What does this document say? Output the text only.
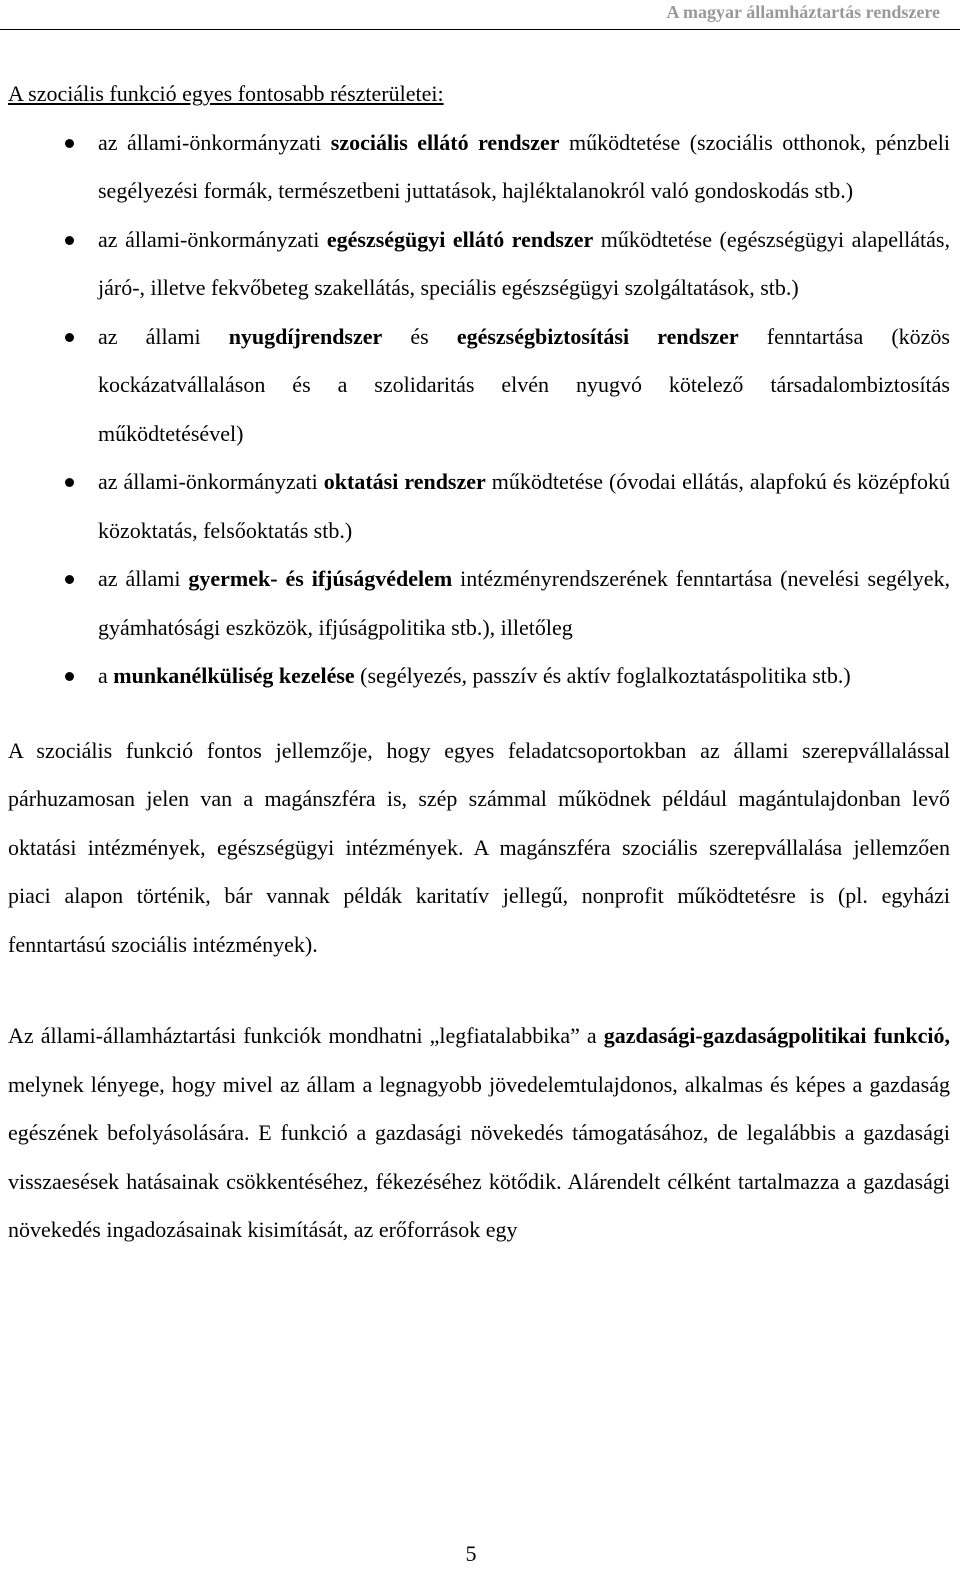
A magyar államháztartás rendszere

A szociális funkció egyes fontosabb részterületei:

az állami-önkormányzati szociális ellátó rendszer működtetése (szociális otthonok, pénzbeli segélyezési formák, természetbeni juttatások, hajléktalanokról való gondoskodás stb.)
az állami-önkormányzati egészségügyi ellátó rendszer működtetése (egészségügyi alapellátás, járó-, illetve fekvőbeteg szakellátás, speciális egészségügyi szolgáltatások, stb.)
az állami nyugdíjrendszer és egészségbiztosítási rendszer fenntartása (közös kockázatvállaláson és a szolidaritás elvén nyugvó kötelező társadalombiztosítás működtetésével)
az állami-önkormányzati oktatási rendszer működtetése (óvodai ellátás, alapfokú és középfokú közoktatás, felsőoktatás stb.)
az állami gyermek- és ifjúságvédelem intézményrendszerének fenntartása (nevelési segélyek, gyámhatósági eszközök, ifjúságpolitika stb.), illetőleg
a munkanélküliség kezelése (segélyezés, passzív és aktív foglalkoztatáspolitika stb.)

A szociális funkció fontos jellemzője, hogy egyes feladatcsoportokban az állami szerepvállalással párhuzamosan jelen van a magánszféra is, szép számmal működnek például magántulajdonban levő oktatási intézmények, egészségügyi intézmények. A magánszféra szociális szerepvállalása jellemzően piaci alapon történik, bár vannak példák karitatív jellegű, nonprofit működtetésre is (pl. egyházi fenntartású szociális intézmények).

Az állami-államháztartási funkciók mondhatni „legfiatalabbika” a gazdasági-gazdaságpolitikai funkció, melynek lényege, hogy mivel az állam a legnagyobb jövedelemtulajdonos, alkalmas és képes a gazdaság egészének befolyásolására. E funkció a gazdasági növekedés támogatásához, de legalábbis a gazdasági visszaesések hatásainak csökkentéséhez, fékezéséhez kötődik. Alárendelt célként tartalmazza a gazdasági növekedés ingadozásainak kisimítását, az erőforrások egy

5
